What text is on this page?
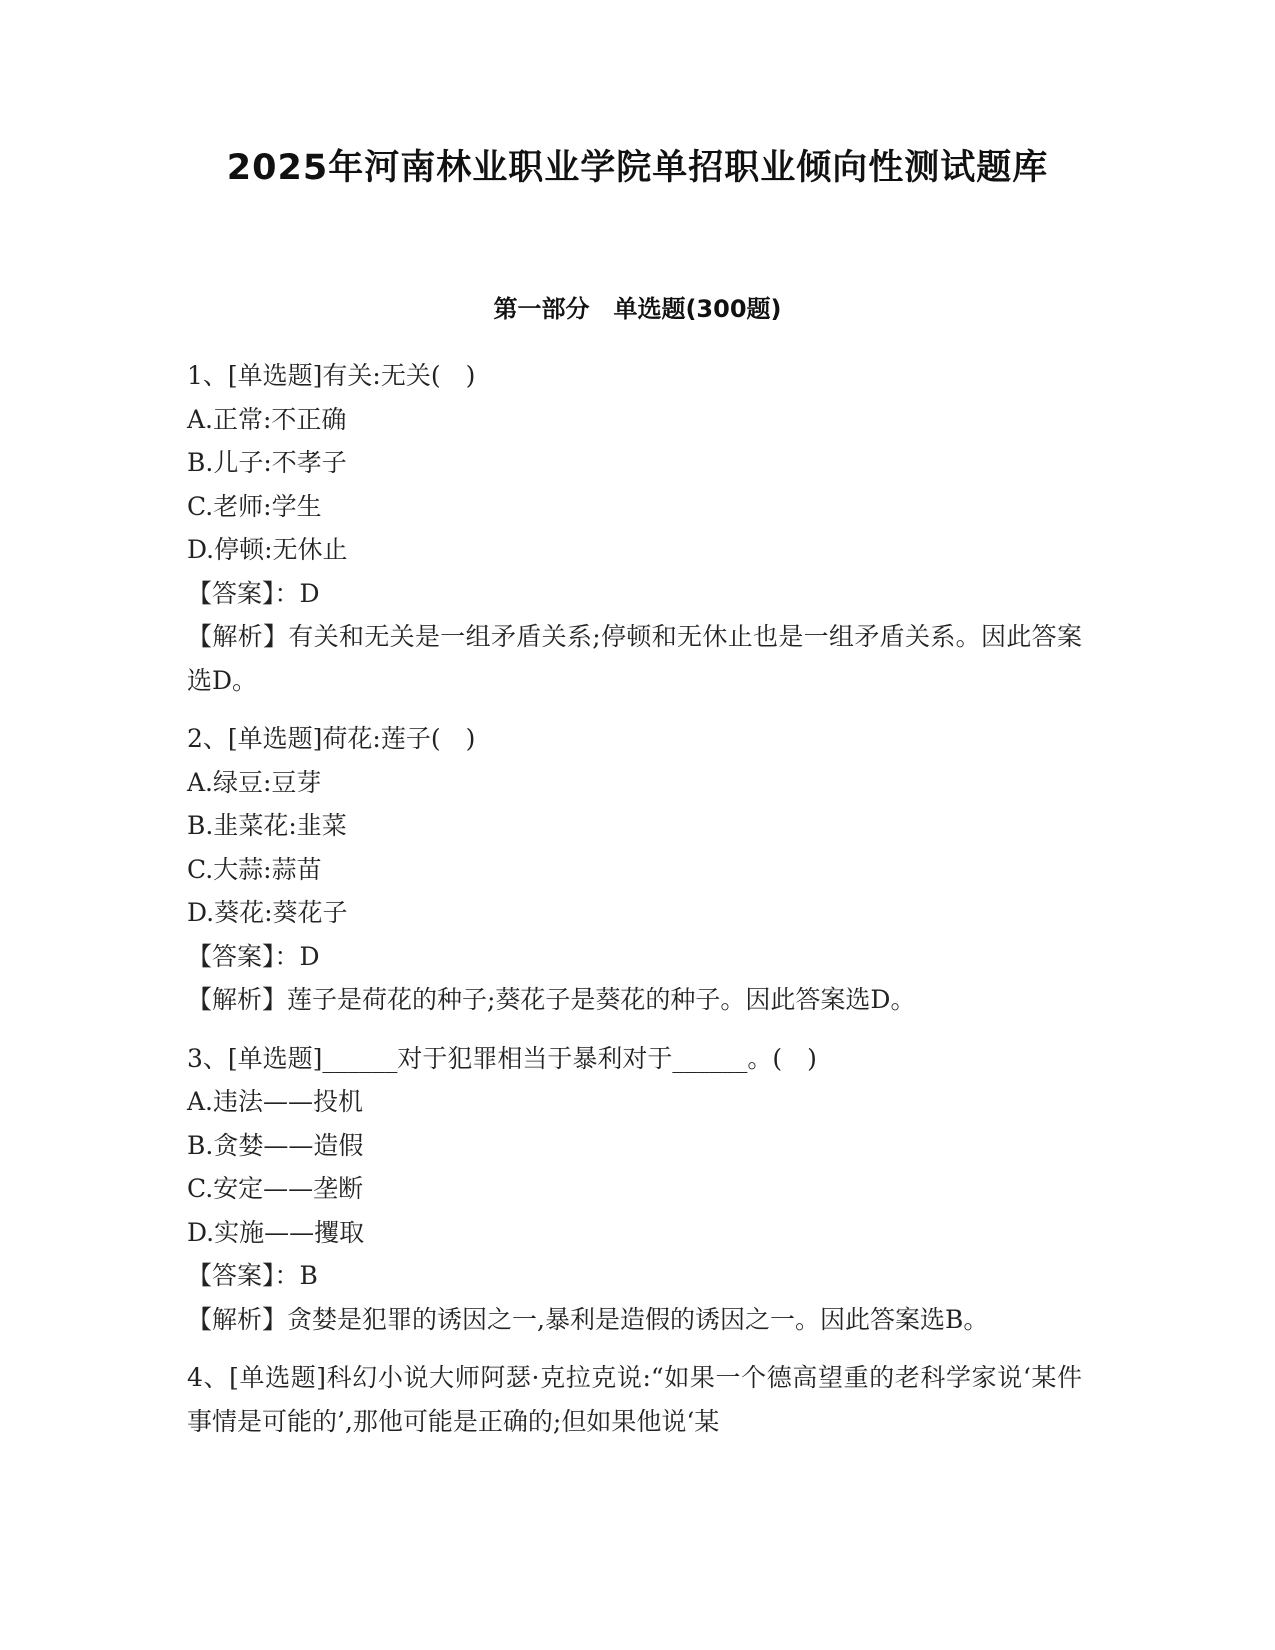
2025年河南林业职业学院单招职业倾向性测试题库
第一部分　单选题(300题)
1、[单选题]有关:无关(　)
A.正常:不正确
B.儿子:不孝子
C.老师:学生
D.停顿:无休止
【答案】：D
【解析】有关和无关是一组矛盾关系;停顿和无休止也是一组矛盾关系。因此答案选D。
2、[单选题]荷花:莲子(　)
A.绿豆:豆芽
B.韭菜花:韭菜
C.大蒜:蒜苗
D.葵花:葵花子
【答案】：D
【解析】莲子是荷花的种子;葵花子是葵花的种子。因此答案选D。
3、[单选题]______对于犯罪相当于暴利对于______。(　)
A.违法——投机
B.贪婪——造假
C.安定——垄断
D.实施——攫取
【答案】：B
【解析】贪婪是犯罪的诱因之一,暴利是造假的诱因之一。因此答案选B。
4、[单选题]科幻小说大师阿瑟·克拉克说:“如果一个德高望重的老科学家说‘某件事情是可能的’,那他可能是正确的;但如果他说‘某
